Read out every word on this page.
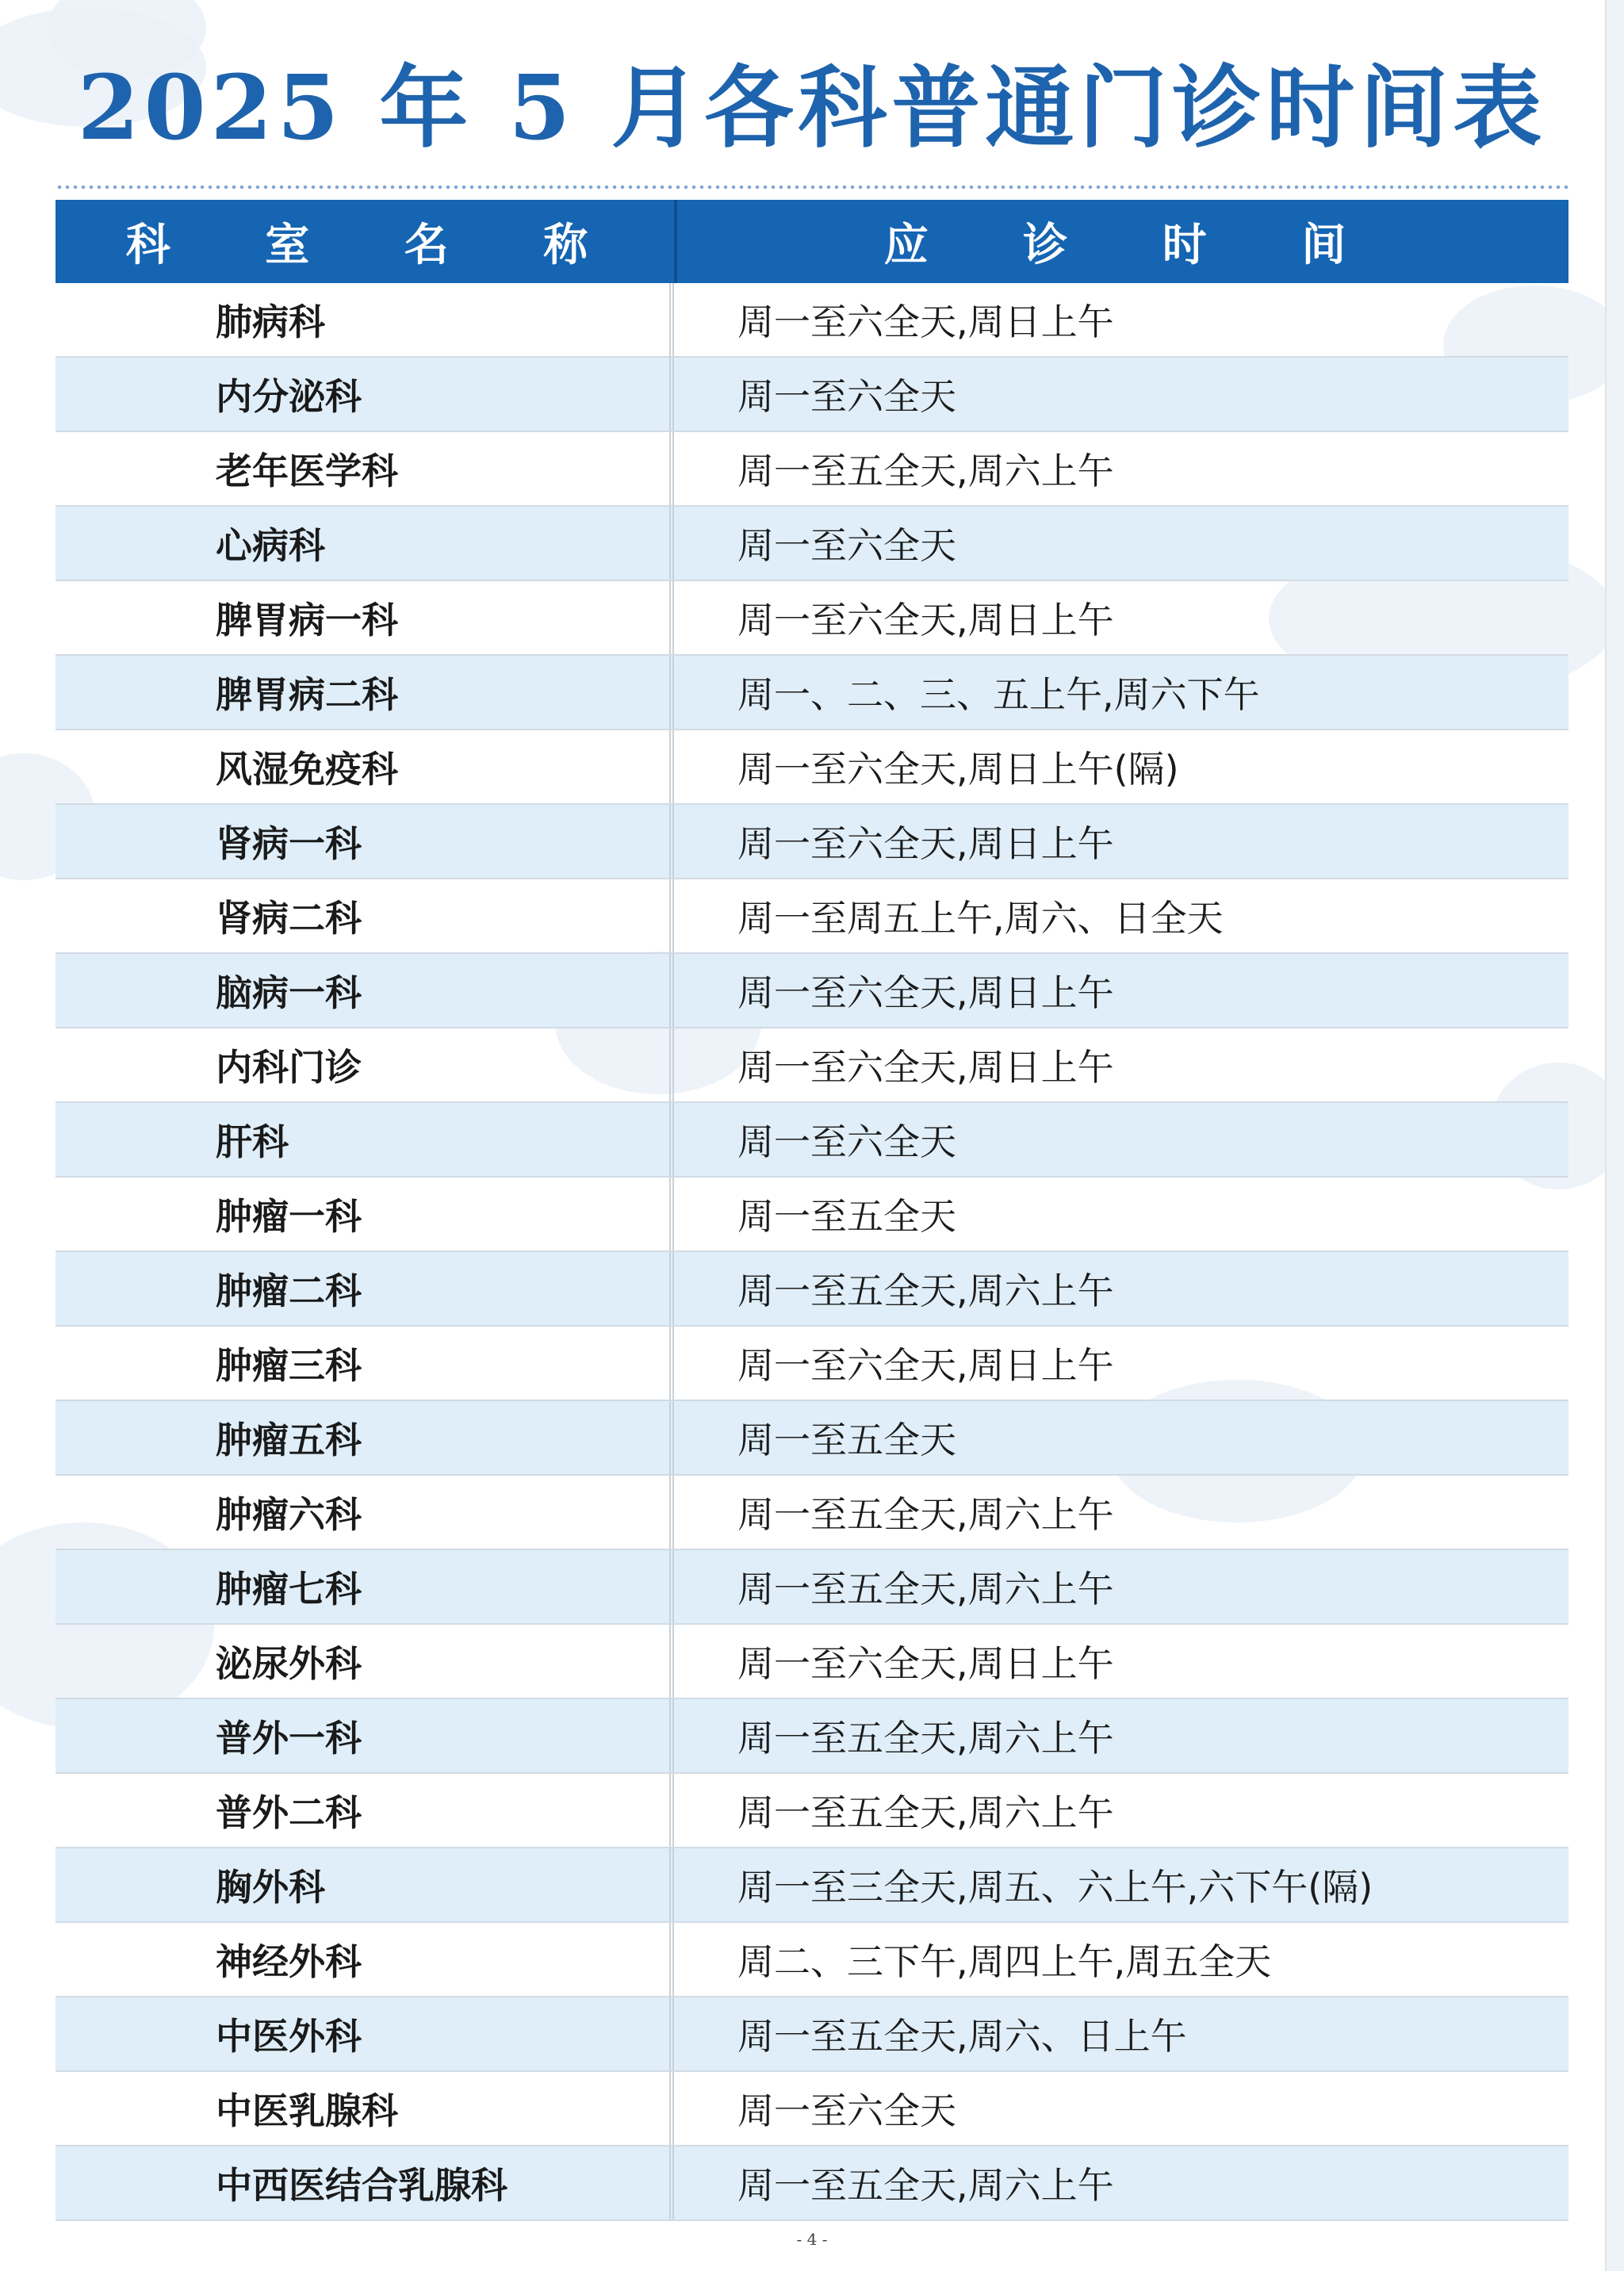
2025 年 5 月各科普通门诊时间表
科 室 名 称	应 诊 时 间
肺病科	周一至六全天,周日上午
内分泌科	周一至六全天
老年医学科	周一至五全天,周六上午
心病科	周一至六全天
脾胃病一科	周一至六全天,周日上午
脾胃病二科	周一、二、三、五上午,周六下午
风湿免疫科	周一至六全天,周日上午(隔)
肾病一科	周一至六全天,周日上午
肾病二科	周一至周五上午,周六、日全天
脑病一科	周一至六全天,周日上午
内科门诊	周一至六全天,周日上午
肝科	周一至六全天
肿瘤一科	周一至五全天
肿瘤二科	周一至五全天,周六上午
肿瘤三科	周一至六全天,周日上午
肿瘤五科	周一至五全天
肿瘤六科	周一至五全天,周六上午
肿瘤七科	周一至五全天,周六上午
泌尿外科	周一至六全天,周日上午
普外一科	周一至五全天,周六上午
普外二科	周一至五全天,周六上午
胸外科	周一至三全天,周五、六上午,六下午(隔)
神经外科	周二、三下午,周四上午,周五全天
中医外科	周一至五全天,周六、日上午
中医乳腺科	周一至六全天
中西医结合乳腺科	周一至五全天,周六上午
- 4 -
